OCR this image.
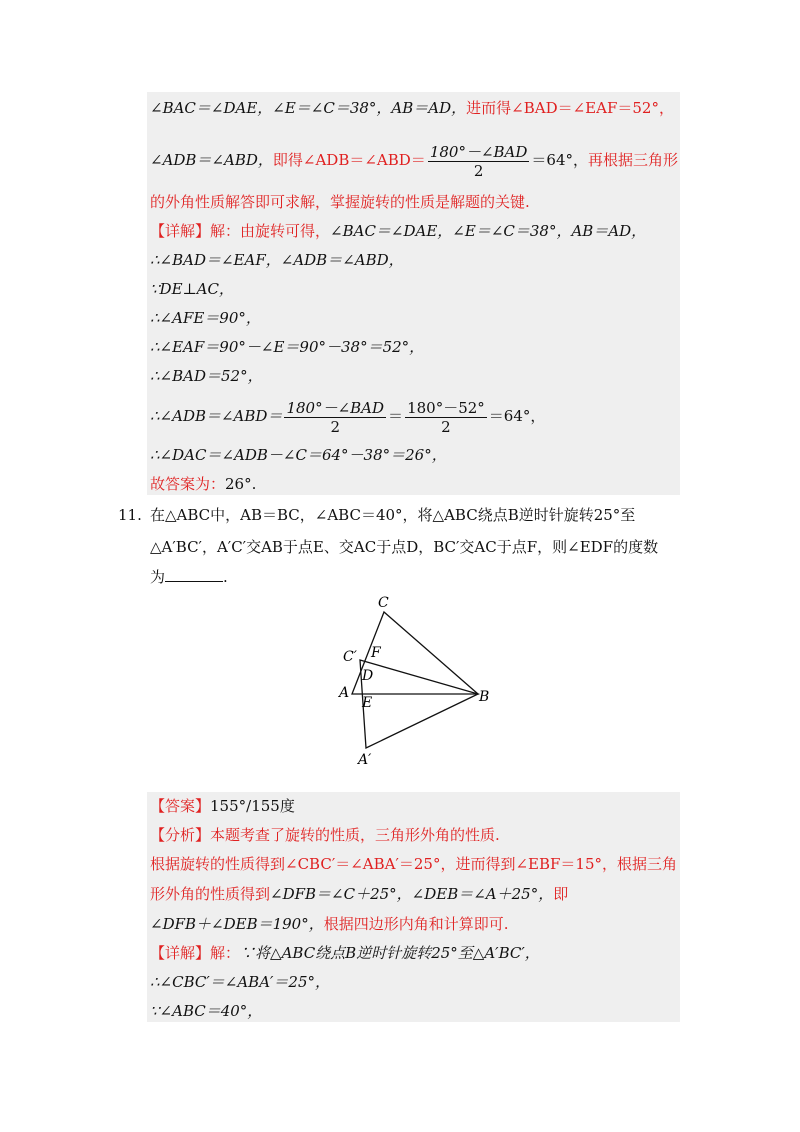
∠BAC＝∠DAE，∠E＝∠C＝38°，AB＝AD，进而得∠BAD＝∠EAF＝52°，
∠ADB＝∠ABD，即得∠ADB＝∠ABD＝ $\frac{\text{180°－∠BAD}}{2} =64^\circ$，再根据三角形
的外角性质解答即可求解，掌握旋转的性质是解题的关键.
【详解】解：由旋转可得，∠BAC＝∠DAE，∠E＝∠C＝38°，AB＝AD，
∴∠BAD＝∠EAF，∠ADB＝∠ABD，
∵DE⊥AC，
∴∠AFE＝90°，
∴∠EAF＝90°－∠E＝90°－38°＝52°，
∴∠BAD＝52°，
∴∠ADB＝∠ABD＝ $\frac{\text{180°－∠BAD}}{2} = \frac{180^\circ-52^\circ}{2} =64^\circ$，
∴∠DAC＝∠ADB－∠C＝64°－38°＝26°，
故答案为：26°.
11. 在△ABC中，AB＝BC，∠ABC＝40°，将△ABC绕点B逆时针旋转25°至
△A′BC′，A′C′交AB于点E、交AC于点D，BC′交AC于点F，则∠EDF的度数
为	.
C
C′ F
D
A
E	B
A′
【答案】155°/155度
【分析】本题考查了旋转的性质，三角形外角的性质.
根据旋转的性质得到∠CBC′＝∠ABA′＝25°，进而得到∠EBF＝15°，根据三角
形外角的性质得到∠DFB＝∠C＋25°，∠DEB＝∠A＋25°，即
∠DFB＋∠DEB＝190°，根据四边形内角和计算即可.
【详解】解：∵将△ABC绕点B逆时针旋转25°至△A′BC′，
∴∠CBC′＝∠ABA′＝25°，
∵∠ABC＝40°，
